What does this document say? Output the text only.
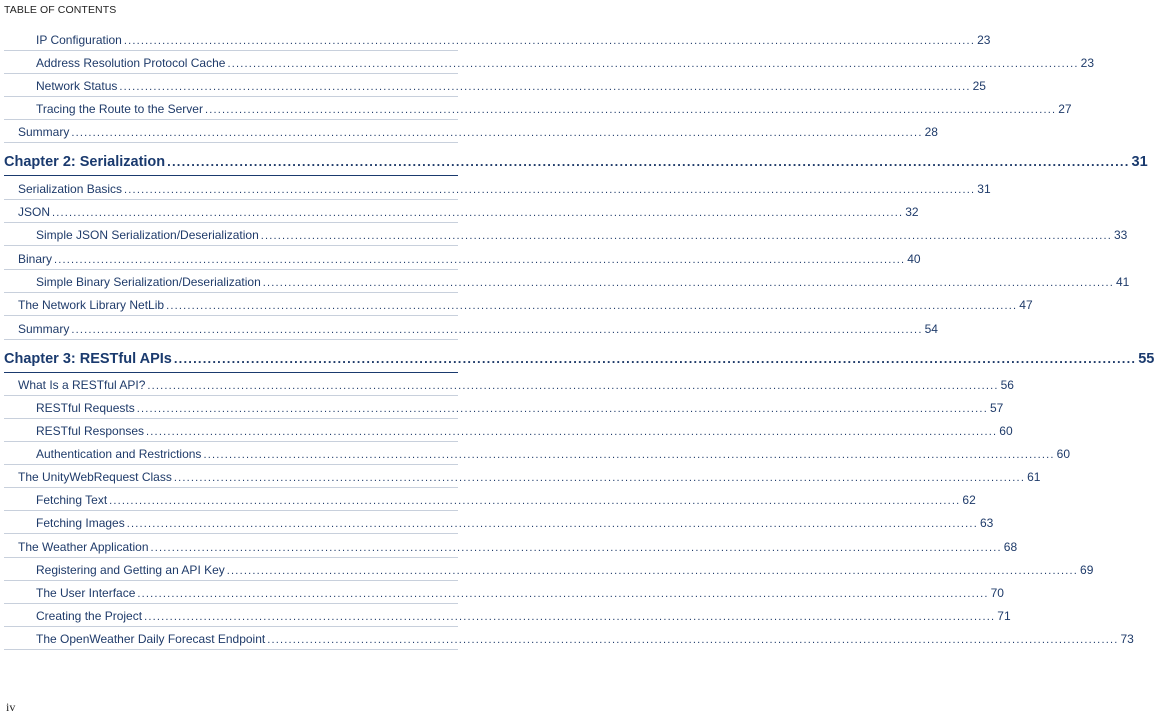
TABLE OF CONTENTS
IP Configuration ........................................................................................................................................................................................................ 23
Address Resolution Protocol Cache ........................................................................................................................................................................................................ 23
Network Status ........................................................................................................................................................................................................ 25
Tracing the Route to the Server ........................................................................................................................................................................................................ 27
Summary ........................................................................................................................................................................................................ 28
Chapter 2: Serialization ........................................................................................................................................................................................................ 31
Serialization Basics ........................................................................................................................................................................................................ 31
JSON ........................................................................................................................................................................................................ 32
Simple JSON Serialization/Deserialization ........................................................................................................................................................................................................ 33
Binary ........................................................................................................................................................................................................ 40
Simple Binary Serialization/Deserialization ........................................................................................................................................................................................................ 41
The Network Library NetLib ........................................................................................................................................................................................................ 47
Summary ........................................................................................................................................................................................................ 54
Chapter 3: RESTful APIs ........................................................................................................................................................................................................ 55
What Is a RESTful API? ........................................................................................................................................................................................................ 56
RESTful Requests ........................................................................................................................................................................................................ 57
RESTful Responses ........................................................................................................................................................................................................ 60
Authentication and Restrictions ........................................................................................................................................................................................................ 60
The UnityWebRequest Class ........................................................................................................................................................................................................ 61
Fetching Text ........................................................................................................................................................................................................ 62
Fetching Images ........................................................................................................................................................................................................ 63
The Weather Application ........................................................................................................................................................................................................ 68
Registering and Getting an API Key ........................................................................................................................................................................................................ 69
The User Interface ........................................................................................................................................................................................................ 70
Creating the Project ........................................................................................................................................................................................................ 71
The OpenWeather Daily Forecast Endpoint ........................................................................................................................................................................................................ 73
iv
